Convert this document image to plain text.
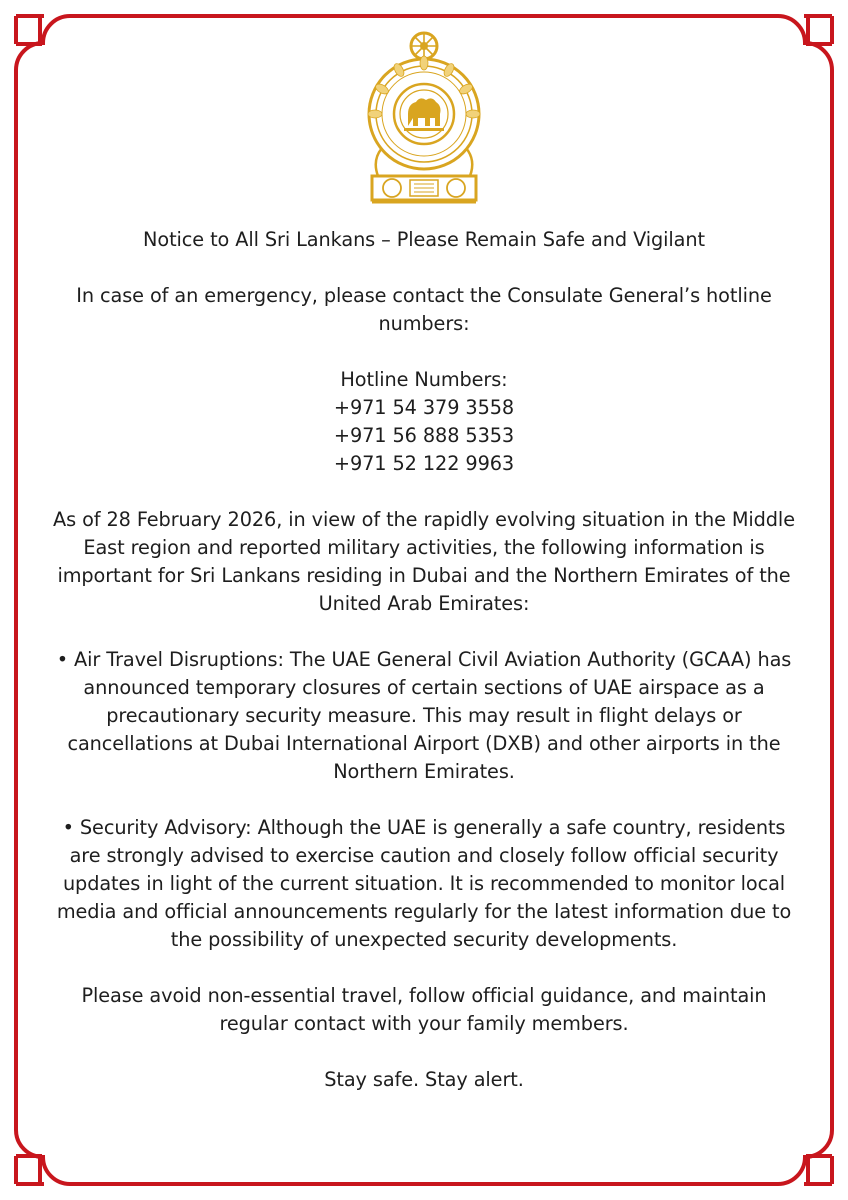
Notice to All Sri Lankans – Please Remain Safe and Vigilant

In case of an emergency, please contact the Consulate General’s hotline numbers:

Hotline Numbers:
+971 54 379 3558
+971 56 888 5353
+971 52 122 9963

As of 28 February 2026, in view of the rapidly evolving situation in the Middle East region and reported military activities, the following information is important for Sri Lankans residing in Dubai and the Northern Emirates of the United Arab Emirates:

• Air Travel Disruptions: The UAE General Civil Aviation Authority (GCAA) has announced temporary closures of certain sections of UAE airspace as a precautionary security measure. This may result in flight delays or cancellations at Dubai International Airport (DXB) and other airports in the Northern Emirates.

• Security Advisory: Although the UAE is generally a safe country, residents are strongly advised to exercise caution and closely follow official security updates in light of the current situation. It is recommended to monitor local media and official announcements regularly for the latest information due to the possibility of unexpected security developments.

Please avoid non-essential travel, follow official guidance, and maintain regular contact with your family members.

Stay safe. Stay alert.
